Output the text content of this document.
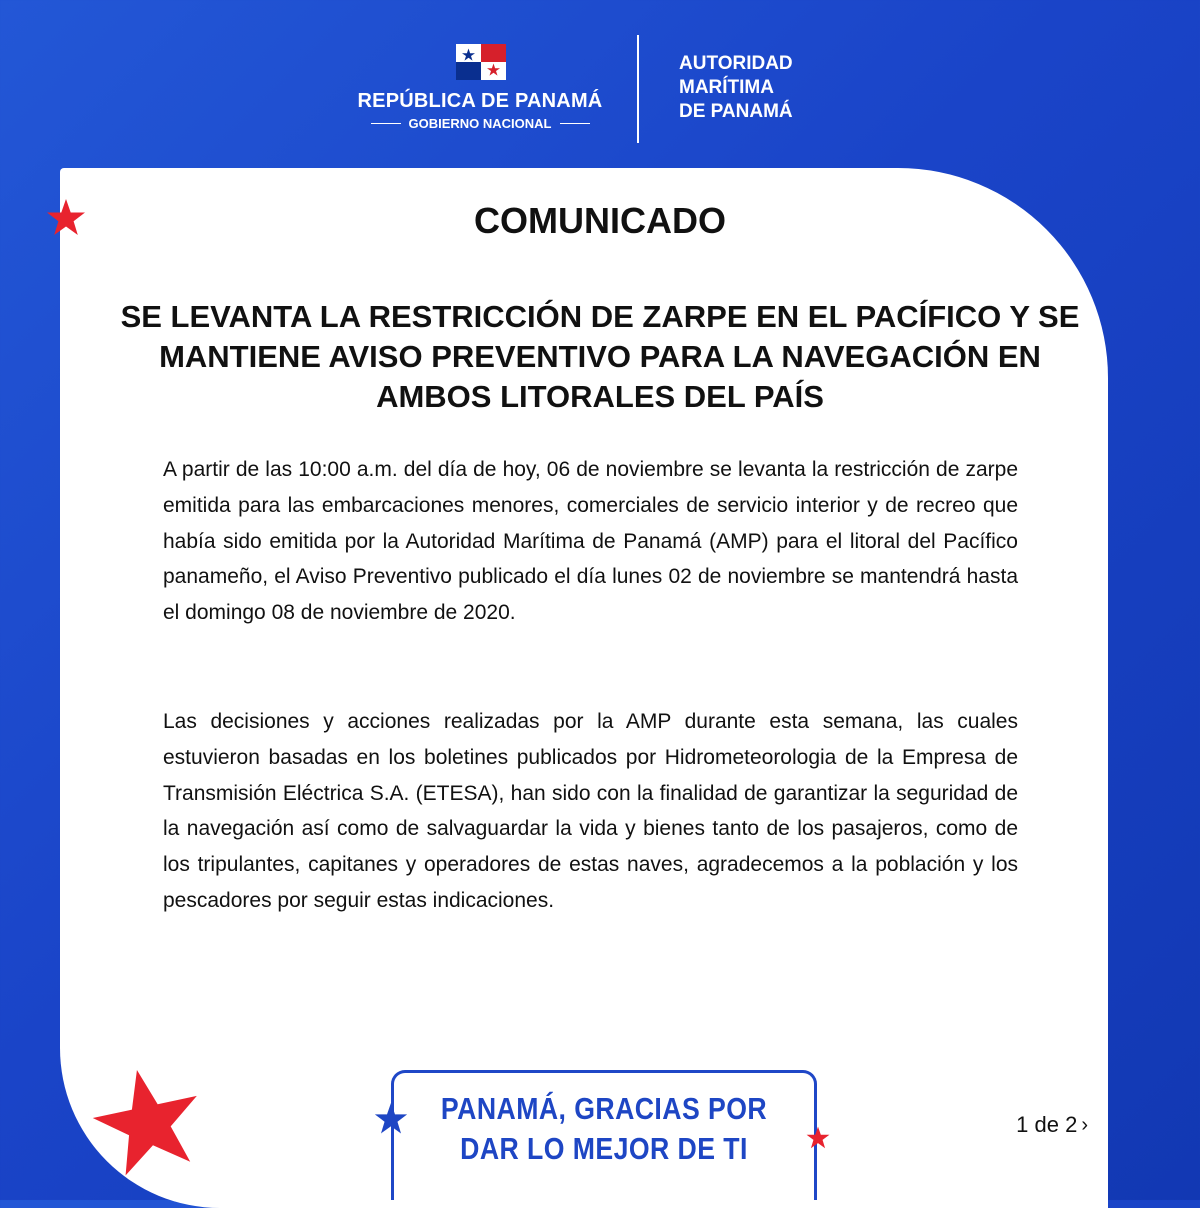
REPÚBLICA DE PANAMÁ
GOBIERNO NACIONAL
AUTORIDAD
MARÍTIMA
DE PANAMÁ
COMUNICADO
SE LEVANTA LA RESTRICCIÓN DE ZARPE EN EL PACÍFICO Y SE MANTIENE AVISO PREVENTIVO PARA LA NAVEGACIÓN EN AMBOS LITORALES DEL PAÍS

A partir de las 10:00 a.m. del día de hoy, 06 de noviembre se levanta la restricción de zarpe emitida para las embarcaciones menores, comerciales de servicio interior y de recreo que había sido emitida por la Autoridad Marítima de Panamá (AMP) para el litoral del Pacífico panameño, el Aviso Preventivo publicado el día lunes 02 de noviembre se mantendrá hasta el domingo 08 de noviembre de 2020.

Las decisiones y acciones realizadas por la AMP durante esta semana, las cuales estuvieron basadas en los boletines publicados por Hidrometeorologia de la Empresa de Transmisión Eléctrica S.A. (ETESA), han sido con la finalidad de garantizar la seguridad de la navegación así como de salvaguardar la vida y bienes tanto de los pasajeros, como de los tripulantes, capitanes y operadores de estas naves, agradecemos a la población y los pescadores por seguir estas indicaciones.

PANAMÁ, GRACIAS POR
DAR LO MEJOR DE TI
1 de 2 ›
